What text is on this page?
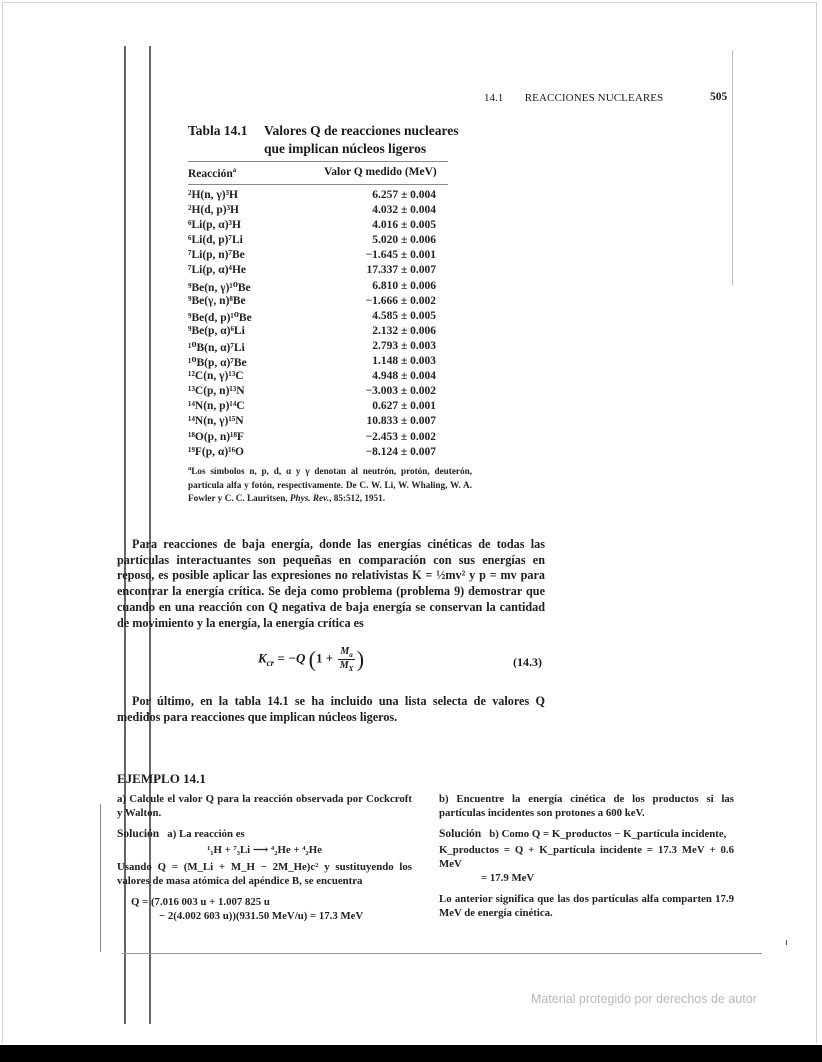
14.1 REACCIONES NUCLEARES	505
Tabla 14.1 Valores Q de reacciones nucleares que implican núcleos ligeros
Reacción$^a$	Valor Q medido (MeV)
²H(n, γ)³H	6.257 ± 0.004
²H(d, p)³H	4.032 ± 0.004
⁶Li(p, α)³H	4.016 ± 0.005
⁶Li(d, p)⁷Li	5.020 ± 0.006
⁷Li(p, n)⁷Be	−1.645 ± 0.001
⁷Li(p, α)⁴He	17.337 ± 0.007
⁹Be(n, γ)¹⁰Be	6.810 ± 0.006
⁹Be(γ, n)⁸Be	−1.666 ± 0.002
⁹Be(d, p)¹⁰Be	4.585 ± 0.005
⁹Be(p, α)⁶Li	2.132 ± 0.006
¹⁰B(n, α)⁷Li	2.793 ± 0.003
¹⁰B(p, α)⁷Be	1.148 ± 0.003
¹²C(n, γ)¹³C	4.948 ± 0.004
¹³C(p, n)¹³N	−3.003 ± 0.002
¹⁴N(n, p)¹⁴C	0.627 ± 0.001
¹⁴N(n, γ)¹⁵N	10.833 ± 0.007
¹⁸O(p, n)¹⁸F	−2.453 ± 0.002
¹⁹F(p, α)¹⁶O	−8.124 ± 0.007
$^a$Los símbolos n, p, d, α y γ denotan al neutrón, protón, deuterón, partícula alfa y fotón, respectivamente. De C. W. Li, W. Whaling, W. A. Fowler y C. C. Lauritsen, Phys. Rev., 85:512, 1951.
Para reacciones de baja energía, donde las energías cinéticas de todas las partículas interactuantes son pequeñas en comparación con sus energías en reposo, es posible aplicar las expresiones no relativistas K = ½mv² y p = mv para encontrar la energía crítica. Se deja como problema (problema 9) demostrar que cuando en una reacción con Q negativa de baja energía se conservan la cantidad de movimiento y la energía, la energía crítica es
$K_{cr} = -Q$ $(1 + \frac{M_a}{M_X})$	(14.3)
Por último, en la tabla 14.1 se ha incluido una lista selecta de valores Q medidos para reacciones que implican núcleos ligeros.
EJEMPLO 14.1
a) Calcule el valor Q para la reacción observada por Cockcroft y Walton.
Solución a) La reacción es
¹₁H + ⁷₃Li ⟶ ⁴₂He + ⁴₂He
Usando Q = (M_Li + M_H − 2M_He)c² y sustituyendo los valores de masa atómica del apéndice B, se encuentra
Q = (7.016 003 u + 1.007 825 u
− 2(4.002 603 u))(931.50 MeV/u) = 17.3 MeV
b) Encuentre la energía cinética de los productos si las partículas incidentes son protones a 600 keV.
Solución b) Como Q = K_productos − K_partícula incidente,
K_productos = Q + K_partícula incidente = 17.3 MeV + 0.6 MeV
= 17.9 MeV
Lo anterior significa que las dos partículas alfa comparten 17.9 MeV de energía cinética.
Material protegido por derechos de autor
